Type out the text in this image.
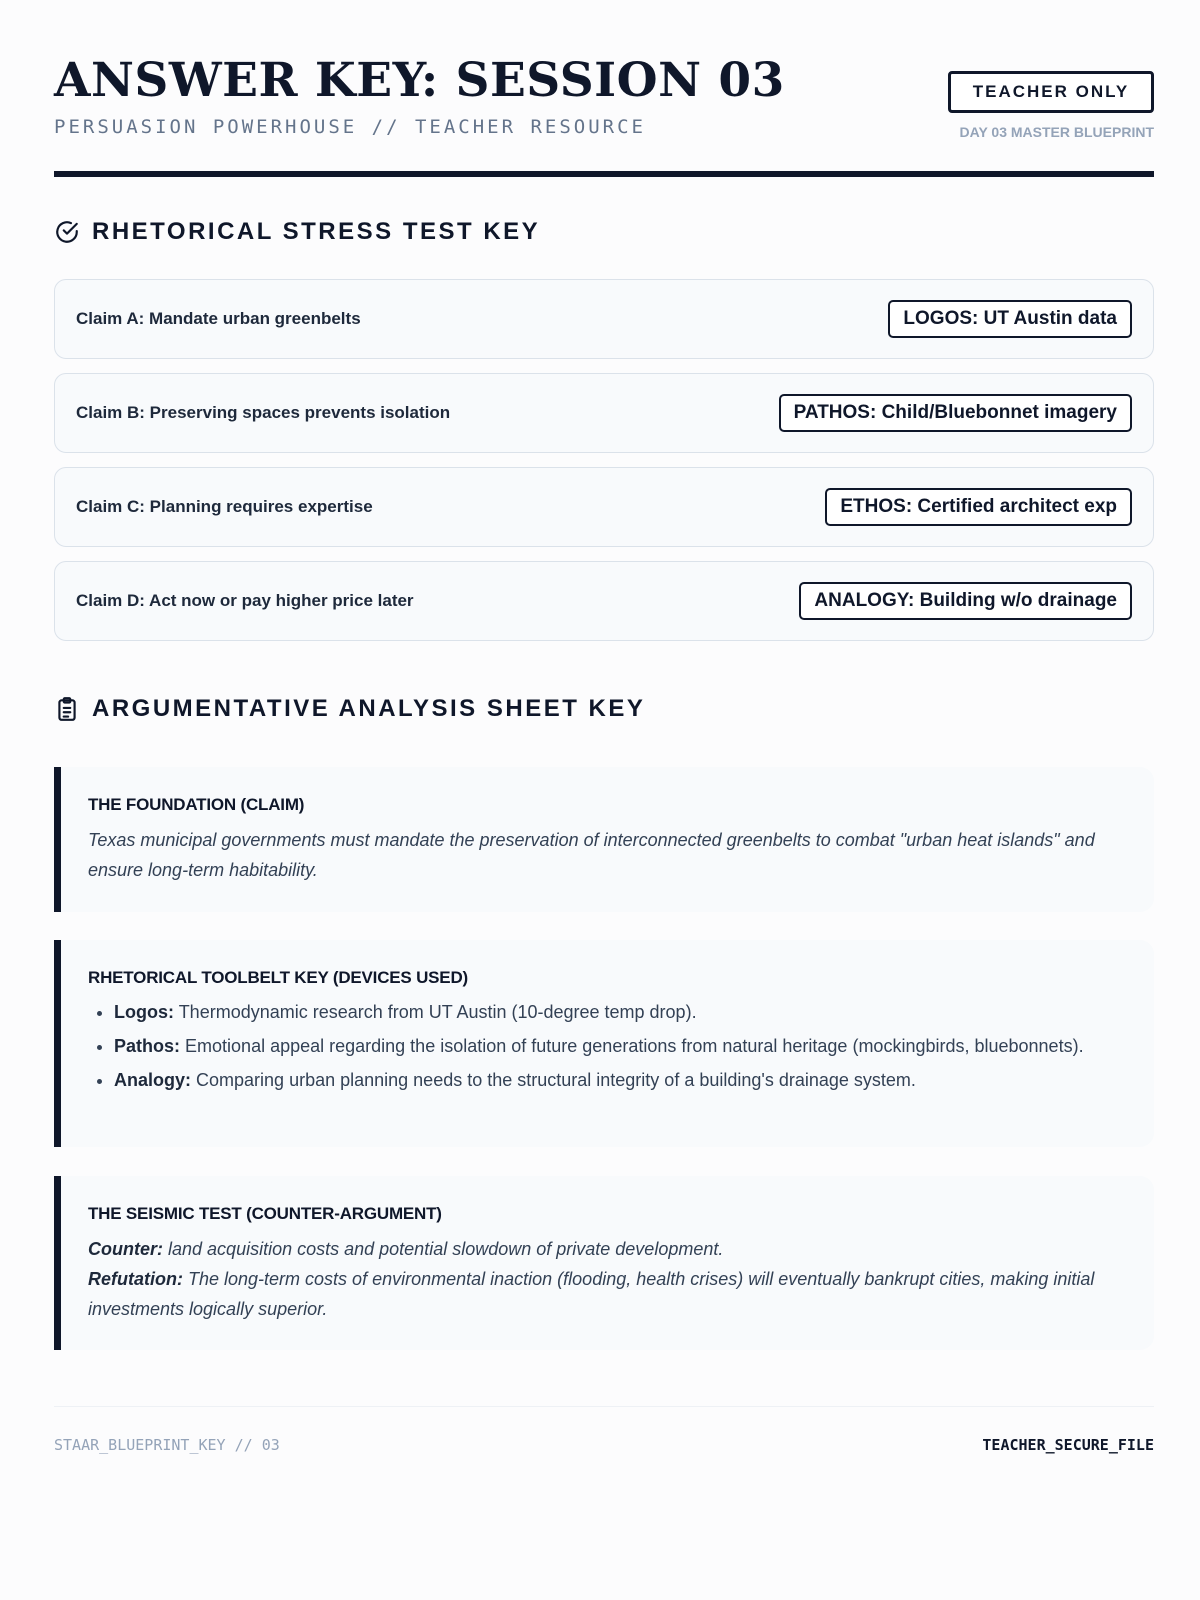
ANSWER KEY: SESSION 03
PERSUASION POWERHOUSE // TEACHER RESOURCE
TEACHER ONLY
DAY 03 MASTER BLUEPRINT
RHETORICAL STRESS TEST KEY
Claim A: Mandate urban greenbelts	LOGOS: UT Austin data
Claim B: Preserving spaces prevents isolation	PATHOS: Child/Bluebonnet imagery
Claim C: Planning requires expertise	ETHOS: Certified architect exp
Claim D: Act now or pay higher price later	ANALOGY: Building w/o drainage
ARGUMENTATIVE ANALYSIS SHEET KEY
THE FOUNDATION (CLAIM)
Texas municipal governments must mandate the preservation of interconnected greenbelts to combat "urban heat islands" and ensure long-term habitability.
RHETORICAL TOOLBELT KEY (DEVICES USED)
• Logos: Thermodynamic research from UT Austin (10-degree temp drop).
• Pathos: Emotional appeal regarding the isolation of future generations from natural heritage (mockingbirds, bluebonnets).
• Analogy: Comparing urban planning needs to the structural integrity of a building's drainage system.
THE SEISMIC TEST (COUNTER-ARGUMENT)
Counter: land acquisition costs and potential slowdown of private development.
Refutation: The long-term costs of environmental inaction (flooding, health crises) will eventually bankrupt cities, making initial investments logically superior.
STAAR_BLUEPRINT_KEY // 03	TEACHER_SECURE_FILE
